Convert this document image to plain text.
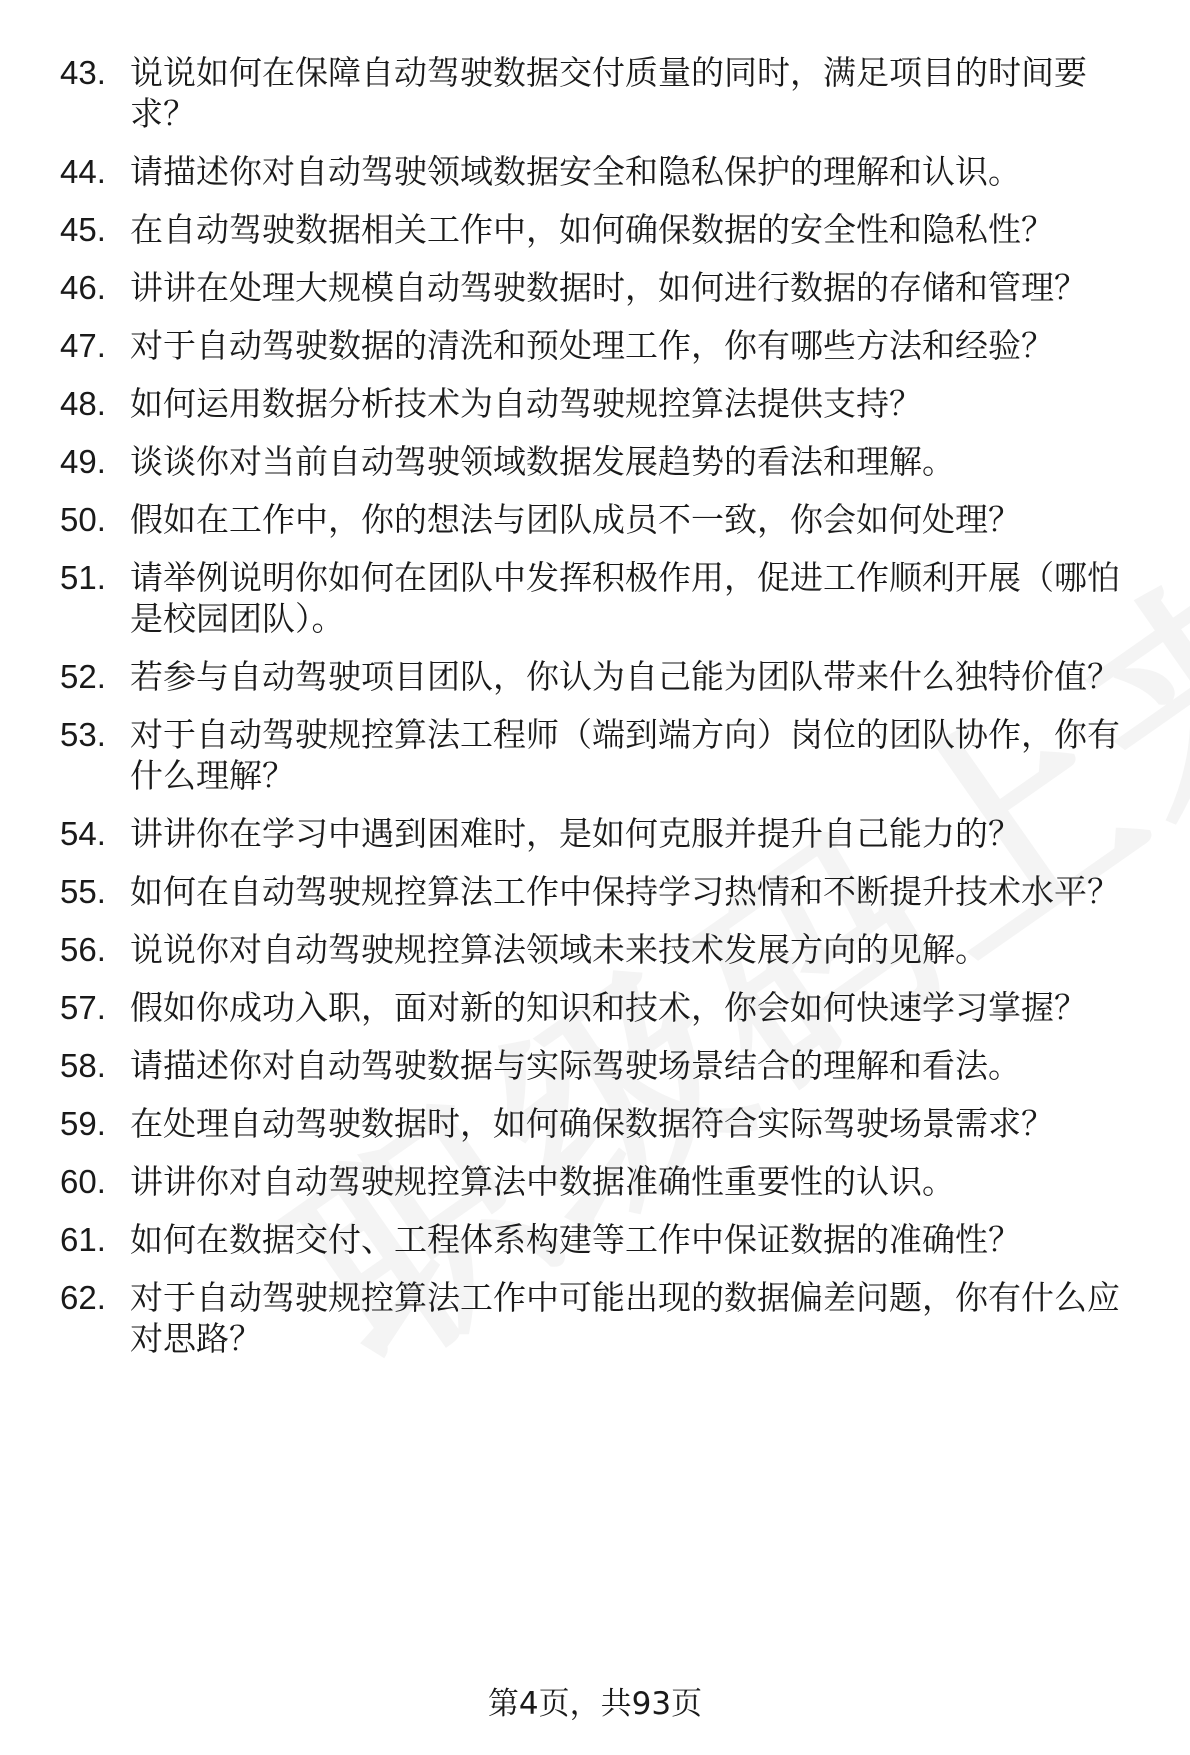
43. 说说如何在保障自动驾驶数据交付质量的同时，满足项目的时间要求？
44. 请描述你对自动驾驶领域数据安全和隐私保护的理解和认识。
45. 在自动驾驶数据相关工作中，如何确保数据的安全性和隐私性？
46. 讲讲在处理大规模自动驾驶数据时，如何进行数据的存储和管理？
47. 对于自动驾驶数据的清洗和预处理工作，你有哪些方法和经验？
48. 如何运用数据分析技术为自动驾驶规控算法提供支持？
49. 谈谈你对当前自动驾驶领域数据发展趋势的看法和理解。
50. 假如在工作中，你的想法与团队成员不一致，你会如何处理？
51. 请举例说明你如何在团队中发挥积极作用，促进工作顺利开展（哪怕是校园团队）。
52. 若参与自动驾驶项目团队，你认为自己能为团队带来什么独特价值？
53. 对于自动驾驶规控算法工程师（端到端方向）岗位的团队协作，你有什么理解？
54. 讲讲你在学习中遇到困难时，是如何克服并提升自己能力的？
55. 如何在自动驾驶规控算法工作中保持学习热情和不断提升技术水平？
56. 说说你对自动驾驶规控算法领域未来技术发展方向的见解。
57. 假如你成功入职，面对新的知识和技术，你会如何快速学习掌握？
58. 请描述你对自动驾驶数据与实际驾驶场景结合的理解和看法。
59. 在处理自动驾驶数据时，如何确保数据符合实际驾驶场景需求？
60. 讲讲你对自动驾驶规控算法中数据准确性重要性的认识。
61. 如何在数据交付、工程体系构建等工作中保证数据的准确性？
62. 对于自动驾驶规控算法工作中可能出现的数据偏差问题，你有什么应对思路？
第4页，共93页
